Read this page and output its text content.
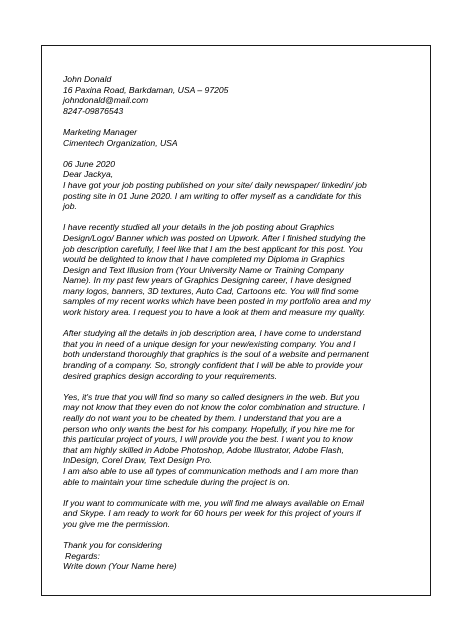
John Donald
16 Paxina Road, Barkdaman, USA – 97205
johndonald@mail.com
8247-09876543
Marketing Manager
Cimentech Organization, USA
06 June 2020
Dear Jackya,
I have got your job posting published on your site/ daily newspaper/ linkedin/ job
posting site in 01 June 2020. I am writing to offer myself as a candidate for this
job.
I have recently studied all your details in the job posting about Graphics
Design/Logo/ Banner which was posted on Upwork. After I finished studying the
job description carefully, I feel like that I am the best applicant for this post. You
would be delighted to know that I have completed my Diploma in Graphics
Design and Text Illusion from (Your University Name or Training Company
Name). In my past few years of Graphics Designing career, I have designed
many logos, banners, 3D textures, Auto Cad, Cartoons etc. You will find some
samples of my recent works which have been posted in my portfolio area and my
work history area. I request you to have a look at them and measure my quality.
After studying all the details in job description area, I have come to understand
that you in need of a unique design for your new/existing company. You and I
both understand thoroughly that graphics is the soul of a website and permanent
branding of a company. So, strongly confident that I will be able to provide your
desired graphics design according to your requirements.
Yes, it's true that you will find so many so called designers in the web. But you
may not know that they even do not know the color combination and structure. I
really do not want you to be cheated by them. I understand that you are a
person who only wants the best for his company. Hopefully, if you hire me for
this particular project of yours, I will provide you the best. I want you to know
that am highly skilled in Adobe Photoshop, Adobe Illustrator, Adobe Flash,
InDesign, Corel Draw, Text Design Pro.
I am also able to use all types of communication methods and I am more than
able to maintain your time schedule during the project is on.
If you want to communicate with me, you will find me always available on Email
and Skype. I am ready to work for 60 hours per week for this project of yours if
you give me the permission.
Thank you for considering
Regards:
Write down (Your Name here)
